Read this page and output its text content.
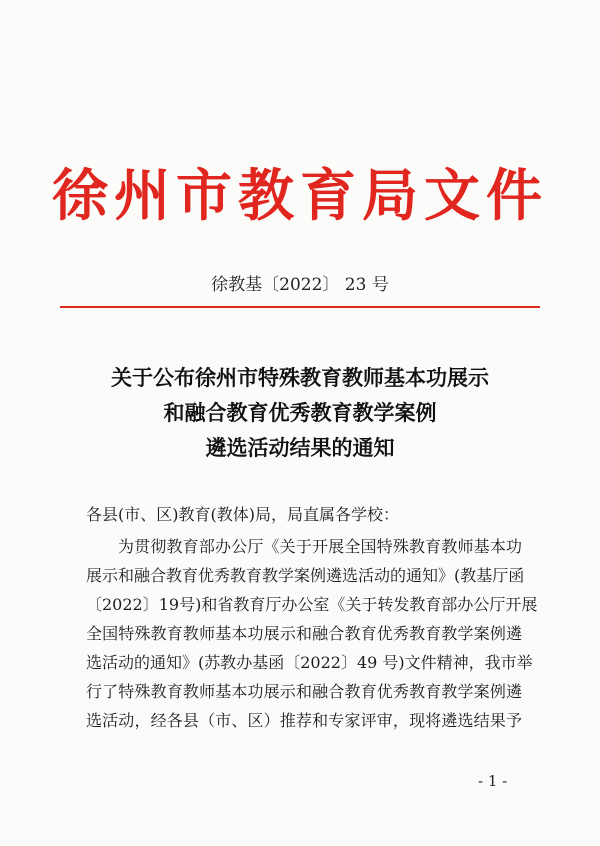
徐州市教育局文件
徐教基〔2022〕 23 号
关于公布徐州市特殊教育教师基本功展示
和融合教育优秀教育教学案例
遴选活动结果的通知
各县(市、区)教育(教体)局，局直属各学校：
为贯彻教育部办公厅《关于开展全国特殊教育教师基本功
展示和融合教育优秀教育教学案例遴选活动的通知》(教基厅函
〔2022〕19号)和省教育厅办公室《关于转发教育部办公厅开展
全国特殊教育教师基本功展示和融合教育优秀教育教学案例遴
选活动的通知》(苏教办基函〔2022〕49 号)文件精神，我市举
行了特殊教育教师基本功展示和融合教育优秀教育教学案例遴
选活动，经各县（市、区）推荐和专家评审，现将遴选结果予
- 1 -
